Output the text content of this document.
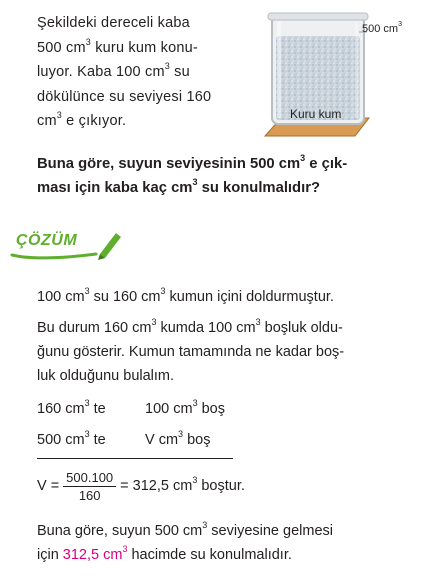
Şekildeki dereceli kaba
500 $cm^3$ kuru kum konu-
luyor. Kaba 100 $cm^3$ su
dökülünce su seviyesi 160
$cm^3$ e çıkıyor.
500 $cm^3$
Kuru kum
Buna göre, suyun seviyesinin 500 $cm^3$ e çık-
ması için kaba kaç $cm^3$ su konulmalıdır?
ÇÖZÜM
100 $cm^3$ su 160 $cm^3$ kumun içini doldurmuştur.
Bu durum 160 $cm^3$ kumda 100 $cm^3$ boşluk oldu-
ğunu gösterir. Kumun tamamında ne kadar boş-
luk olduğunu bulalım.
160 $cm^3$ te	100 $cm^3$ boş
500 $cm^3$ te	V $cm^3$ boş
$V = \frac{500.100}{160} = 312,5$ $cm^3$ boştur.
Buna göre, suyun 500 $cm^3$ seviyesine gelmesi
için 312,5 $cm^3$ hacimde su konulmalıdır.
